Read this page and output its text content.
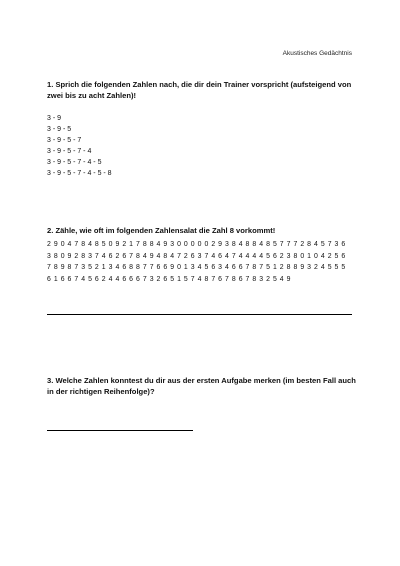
Akustisches Gedächtnis
1. Sprich die folgenden Zahlen nach, die dir dein Trainer vorspricht (aufsteigend von zwei bis zu acht Zahlen)!
3 - 9
3 - 9 - 5
3 - 9 - 5 - 7
3 - 9 - 5 - 7 - 4
3 - 9 - 5 - 7 - 4 - 5
3 - 9 - 5 - 7 - 4 - 5 - 8
2. Zähle, wie oft im folgenden Zahlensalat die Zahl 8 vorkommt!
2 9 0 4 7 8 4 8 5 0 9 2 1 7 8 8 4 9 3 0 0 0 0 0 2 9 3 8 4 8 8 4 8 5 7 7 7 2 8 4 5 7 3 6
3 8 0 9 2 8 3 7 4 6 2 6 7 8 4 9 4 8 4 7 2 6 3 7 4 6 4 7 4 4 4 4 5 6 2 3 8 0 1 0 4 2 5 6
7 8 9 8 7 3 5 2 1 3 4 6 8 8 7 7 6 6 9 0 1 3 4 5 6 3 4 6 6 7 8 7 5 1 2 8 8 9 3 2 4 5 5 5
6 1 6 6 7 4 5 6 2 4 4 6 6 6 7 3 2 6 5 1 5 7 4 8 7 6 7 8 6 7 8 3 2 5 4 9
3. Welche Zahlen konntest du dir aus der ersten Aufgabe merken (im besten Fall auch in der richtigen Reihenfolge)?
